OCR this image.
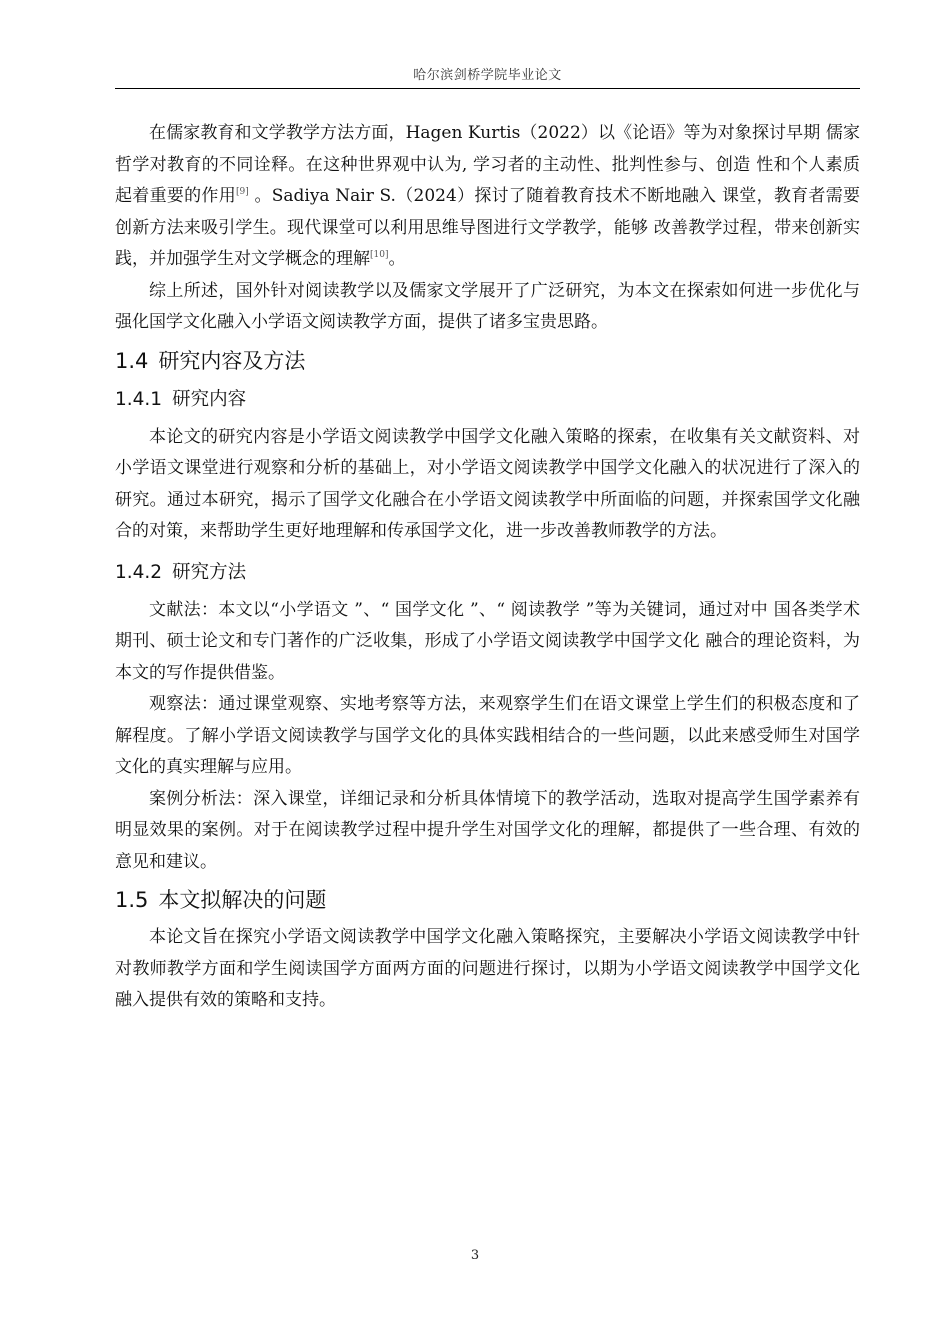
哈尔滨剑桥学院毕业论文

在儒家教育和文学教学方法方面，Hagen Kurtis（2022）以《论语》等为对象探讨早期 儒家哲学对教育的不同诠释。在这种世界观中认为, 学习者的主动性、批判性参与、创造 性和个人素质起着重要的作用[9] 。Sadiya Nair S.（2024）探讨了随着教育技术不断地融入 课堂，教育者需要创新方法来吸引学生。现代课堂可以利用思维导图进行文学教学，能够 改善教学过程，带来创新实践，并加强学生对文学概念的理解[10]。

综上所述，国外针对阅读教学以及儒家文学展开了广泛研究，为本文在探索如何进一步优化与强化国学文化融入小学语文阅读教学方面，提供了诸多宝贵思路。

1.4 研究内容及方法
1.4.1 研究内容

本论文的研究内容是小学语文阅读教学中国学文化融入策略的探索，在收集有关文献资料、对小学语文课堂进行观察和分析的基础上，对小学语文阅读教学中国学文化融入的状况进行了深入的研究。通过本研究，揭示了国学文化融合在小学语文阅读教学中所面临的问题，并探索国学文化融合的对策，来帮助学生更好地理解和传承国学文化，进一步改善教师教学的方法。

1.4.2 研究方法

文献法：本文以“小学语文 ”、“ 国学文化 ”、“ 阅读教学 ”等为关键词，通过对中 国各类学术期刊、硕士论文和专门著作的广泛收集，形成了小学语文阅读教学中国学文化 融合的理论资料，为本文的写作提供借鉴。

观察法：通过课堂观察、实地考察等方法，来观察学生们在语文课堂上学生们的积极态度和了解程度。了解小学语文阅读教学与国学文化的具体实践相结合的一些问题，以此来感受师生对国学文化的真实理解与应用。

案例分析法：深入课堂，详细记录和分析具体情境下的教学活动，选取对提高学生国学素养有明显效果的案例。对于在阅读教学过程中提升学生对国学文化的理解，都提供了一些合理、有效的意见和建议。

1.5 本文拟解决的问题

本论文旨在探究小学语文阅读教学中国学文化融入策略探究，主要解决小学语文阅读教学中针对教师教学方面和学生阅读国学方面两方面的问题进行探讨，以期为小学语文阅读教学中国学文化融入提供有效的策略和支持。

3
